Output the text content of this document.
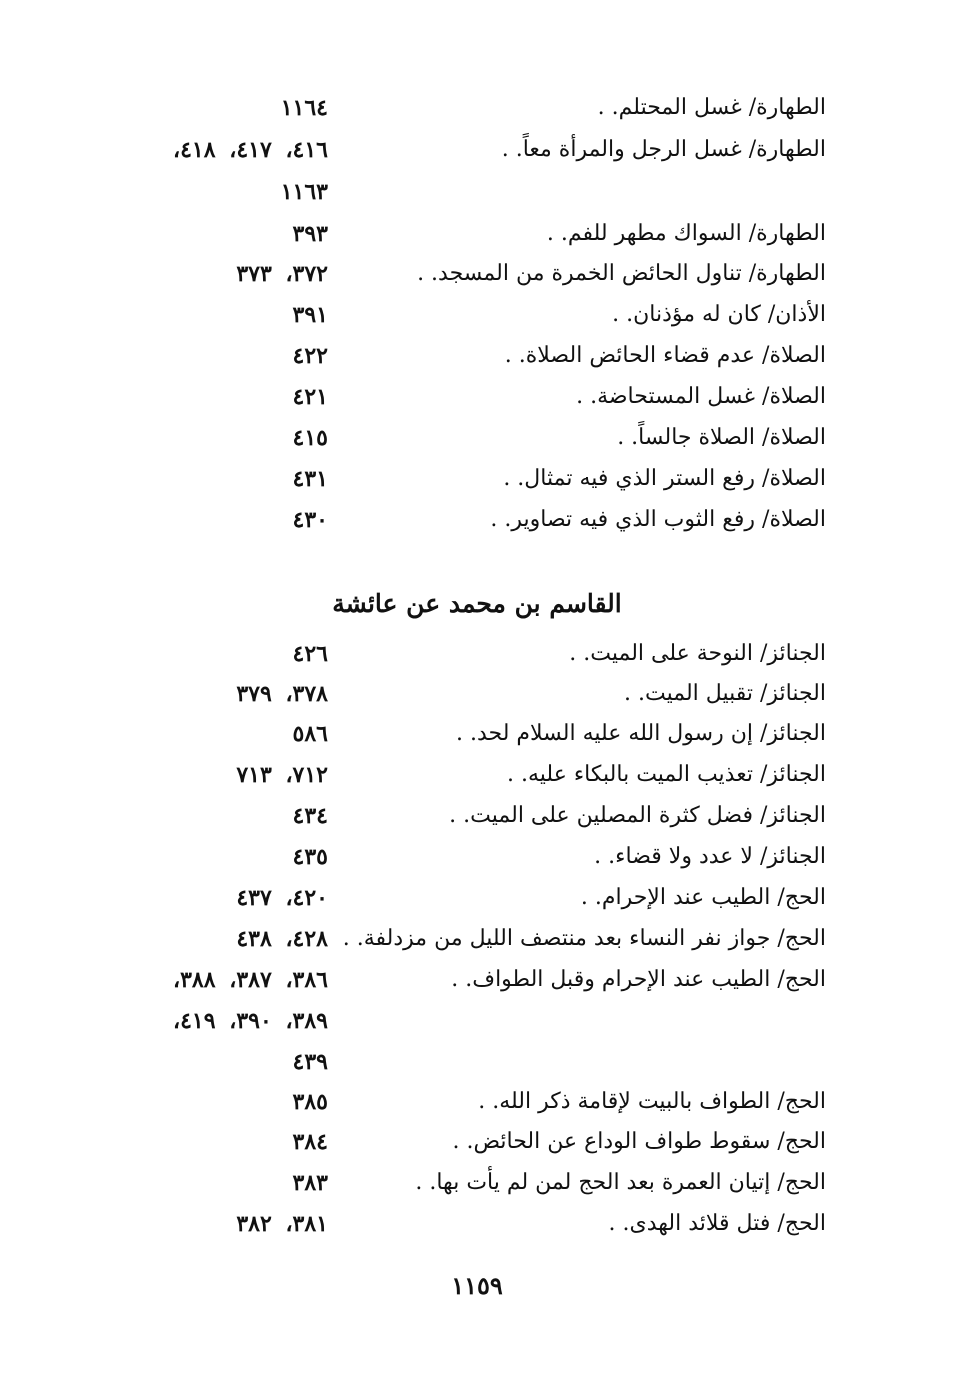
الطهارة/ غسل المحتلم. .
١١٦٤
الطهارة/ غسل الرجل والمرأة معاً. .
٤١٦، ٤١٧، ٤١٨،
١١٦٣
الطهارة/ السواك مطهر للفم. .
٣٩٣
الطهارة/ تناول الحائض الخمرة من المسجد. .
٣٧٢، ٣٧٣
الأذان/ كان له مؤذنان. .
٣٩١
الصلاة/ عدم قضاء الحائض الصلاة. .
٤٢٢
الصلاة/ غسل المستحاضة. .
٤٢١
الصلاة/ الصلاة جالساً. .
٤١٥
الصلاة/ رفع الستر الذي فيه تمثال. .
٤٣١
الصلاة/ رفع الثوب الذي فيه تصاوير. .
٤٣٠
القاسم بن محمد عن عائشة
الجنائز/ النوحة على الميت. .
٤٢٦
الجنائز/ تقبيل الميت. .
٣٧٨، ٣٧٩
الجنائز/ إن رسول الله عليه السلام لحد. .
٥٨٦
الجنائز/ تعذيب الميت بالبكاء عليه. .
٧١٢، ٧١٣
الجنائز/ فضل كثرة المصلين على الميت. .
٤٣٤
الجنائز/ لا عدد ولا قضاء. .
٤٣٥
الحج/ الطيب عند الإحرام. .
٤٢٠، ٤٣٧
الحج/ جواز نفر النساء بعد منتصف الليل من مزدلفة. .
٤٢٨، ٤٣٨
الحج/ الطيب عند الإحرام وقبل الطواف. .
٣٨٦، ٣٨٧، ٣٨٨،
٣٨٩، ٣٩٠، ٤١٩،
٤٣٩
الحج/ الطواف بالبيت لإقامة ذكر الله. .
٣٨٥
الحج/ سقوط طواف الوداع عن الحائض. .
٣٨٤
الحج/ إتيان العمرة بعد الحج لمن لم يأت بها. .
٣٨٣
الحج/ فتل قلائد الهدى. .
٣٨١، ٣٨٢
١١٥٩
